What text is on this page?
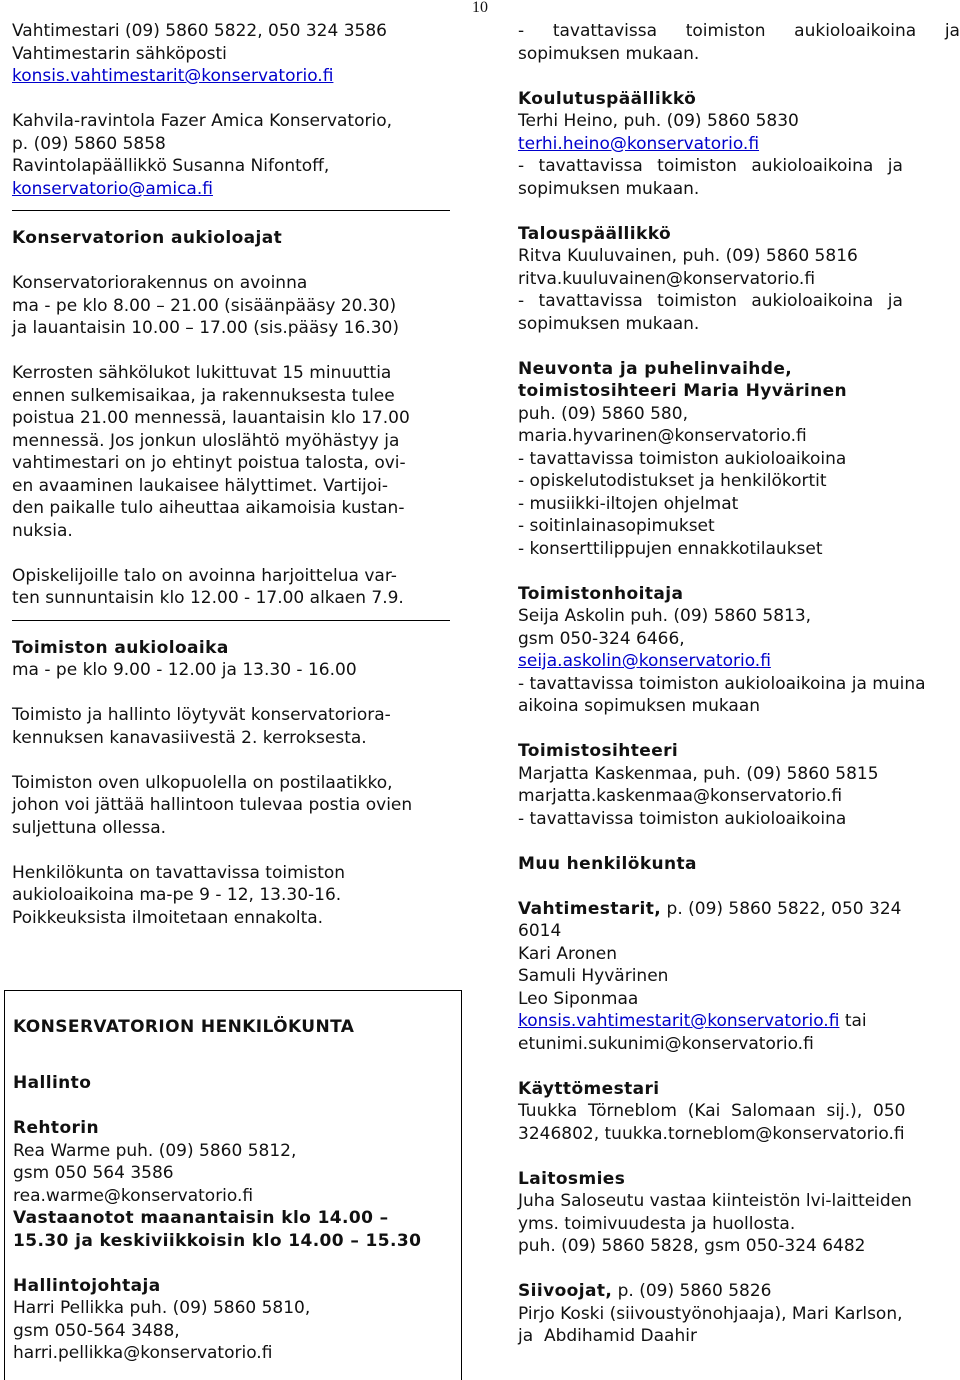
10
Vahtimestari (09) 5860 5822, 050 324 3586
Vahtimestarin sähköposti
konsis.vahtimestarit@konservatorio.fi
Kahvila-ravintola Fazer Amica Konservatorio,
p. (09) 5860 5858
Ravintolapäällikkö Susanna Nifontoff,
konservatorio@amica.fi
Konservatorion aukioloajat
Konservatoriorakennus on avoinna
ma - pe klo 8.00 – 21.00 (sisäänpääsy 20.30)
ja lauantaisin 10.00 – 17.00 (sis.pääsy 16.30)
Kerrosten sähkölukot lukittuvat 15 minuuttia
ennen sulkemisaikaa, ja rakennuksesta tulee
poistua 21.00 mennessä, lauantaisin klo 17.00
mennessä. Jos jonkun uloslähtö myöhästyy ja
vahtimestari on jo ehtinyt poistua talosta, ovi-
en avaaminen laukaisee hälyttimet. Vartijoi-
den paikalle tulo aiheuttaa aikamoisia kustan-
nuksia.
Opiskelijoille talo on avoinna harjoittelua var-
ten sunnuntaisin klo 12.00 - 17.00 alkaen 7.9.
Toimiston aukioloaika
ma - pe klo 9.00 - 12.00 ja 13.30 - 16.00
Toimisto ja hallinto löytyvät konservatoriora-
kennuksen kanavasiivestä 2. kerroksesta.
Toimiston oven ulkopuolella on postilaatikko,
johon voi jättää hallintoon tulevaa postia ovien
suljettuna ollessa.
Henkilökunta on tavattavissa toimiston
aukioloaikoina ma-pe 9 - 12, 13.30-16.
Poikkeuksista ilmoitetaan ennakolta.
KONSERVATORION HENKILÖKUNTA
Hallinto
Rehtorin
Rea Warme puh. (09) 5860 5812,
gsm 050 564 3586
rea.warme@konservatorio.fi
Vastaanotot maanantaisin klo 14.00 –
15.30 ja keskiviikkoisin klo 14.00 – 15.30
Hallintojohtaja
Harri Pellikka puh. (09) 5860 5810,
gsm 050-564 3488,
harri.pellikka@konservatorio.fi
- tavattavissa toimiston aukioloaikoina ja
sopimuksen mukaan.
Koulutuspäällikkö
Terhi Heino, puh. (09) 5860 5830
terhi.heino@konservatorio.fi
- tavattavissa toimiston aukioloaikoina ja
sopimuksen mukaan.
Talouspäällikkö
Ritva Kuuluvainen, puh. (09) 5860 5816
ritva.kuuluvainen@konservatorio.fi
- tavattavissa toimiston aukioloaikoina ja
sopimuksen mukaan.
Neuvonta ja puhelinvaihde,
toimistosihteeri Maria Hyvärinen
puh. (09) 5860 580,
maria.hyvarinen@konservatorio.fi
- tavattavissa toimiston aukioloaikoina
- opiskelutodistukset ja henkilökortit
- musiikki-iltojen ohjelmat
- soitinlainasopimukset
- konserttilippujen ennakkotilaukset
Toimistonhoitaja
Seija Askolin puh. (09) 5860 5813,
gsm 050-324 6466,
seija.askolin@konservatorio.fi
- tavattavissa toimiston aukioloaikoina ja muina
aikoina sopimuksen mukaan
Toimistosihteeri
Marjatta Kaskenmaa, puh. (09) 5860 5815
marjatta.kaskenmaa@konservatorio.fi
- tavattavissa toimiston aukioloaikoina
Muu henkilökunta
Vahtimestarit, p. (09) 5860 5822, 050 324
6014
Kari Aronen
Samuli Hyvärinen
Leo Siponmaa
konsis.vahtimestarit@konservatorio.fi tai
etunimi.sukunimi@konservatorio.fi
Käyttömestari
Tuukka  Törneblom  (Kai  Salomaan  sij.),  050
3246802, tuukka.torneblom@konservatorio.fi
Laitosmies
Juha Saloseutu vastaa kiinteistön lvi-laitteiden
yms. toimivuudesta ja huollosta.
puh. (09) 5860 5828, gsm 050-324 6482
Siivoojat, p. (09) 5860 5826
Pirjo Koski (siivoustyönohjaaja), Mari Karlson,
ja  Abdihamid Daahir
